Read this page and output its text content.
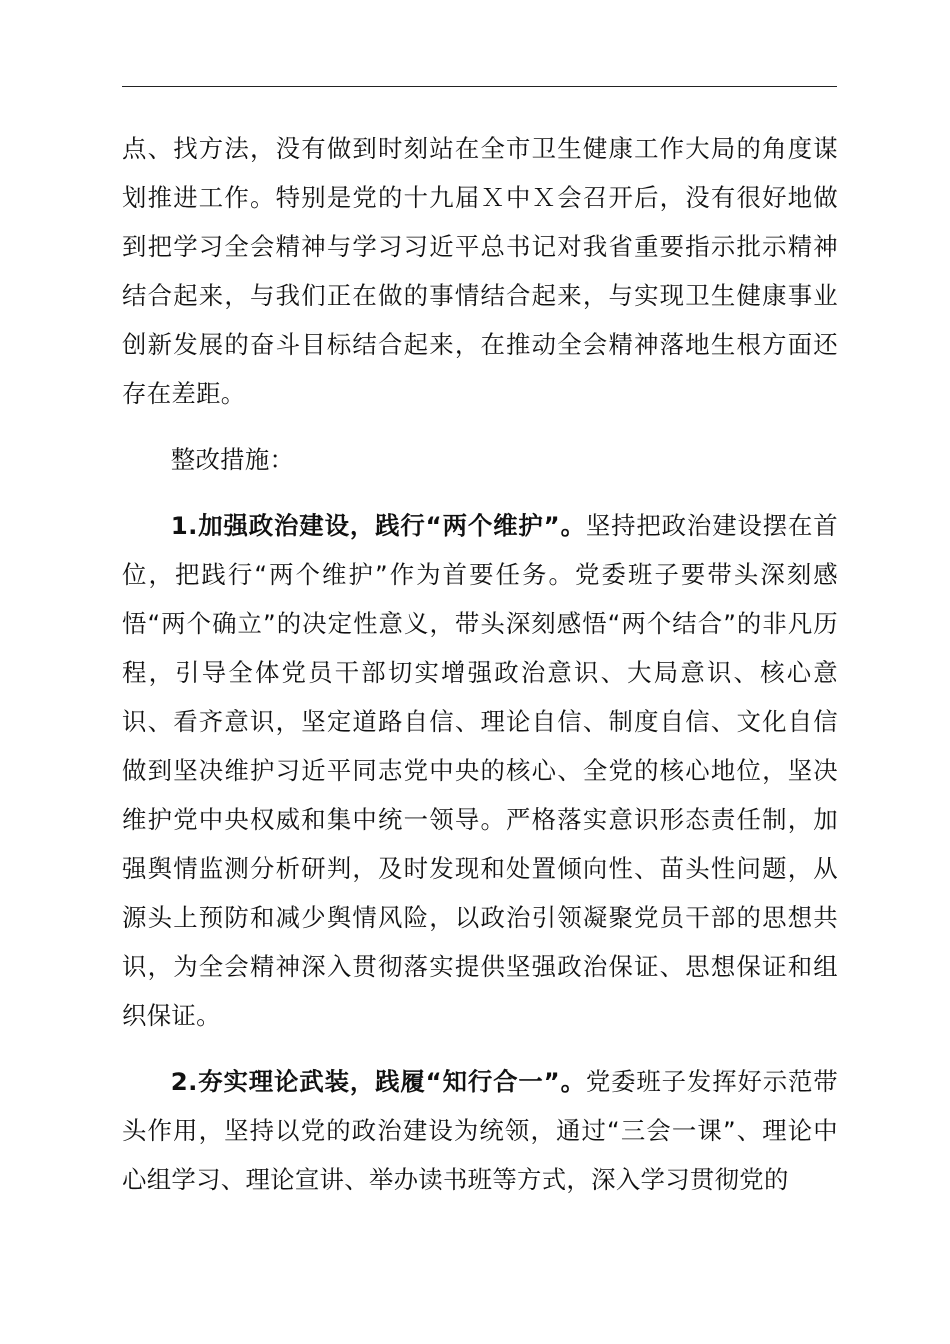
点、找方法，没有做到时刻站在全市卫生健康工作大局的角度谋划推进工作。特别是党的十九届Ｘ中Ｘ会召开后，没有很好地做到把学习全会精神与学习习近平总书记对我省重要指示批示精神结合起来，与我们正在做的事情结合起来，与实现卫生健康事业创新发展的奋斗目标结合起来，在推动全会精神落地生根方面还存在差距。

整改措施：

1.加强政治建设，践行“两个维护”。坚持把政治建设摆在首位，把践行“两个维护”作为首要任务。党委班子要带头深刻感悟“两个确立”的决定性意义，带头深刻感悟“两个结合”的非凡历程，引导全体党员干部切实增强政治意识、大局意识、核心意识、看齐意识，坚定道路自信、理论自信、制度自信、文化自信做到坚决维护习近平同志党中央的核心、全党的核心地位，坚决维护党中央权威和集中统一领导。严格落实意识形态责任制，加强舆情监测分析研判，及时发现和处置倾向性、苗头性问题，从源头上预防和减少舆情风险，以政治引领凝聚党员干部的思想共识，为全会精神深入贯彻落实提供坚强政治保证、思想保证和组织保证。

2.夯实理论武装，践履“知行合一”。党委班子发挥好示范带头作用，坚持以党的政治建设为统领，通过“三会一课”、理论中心组学习、理论宣讲、举办读书班等方式，深入学习贯彻党的
